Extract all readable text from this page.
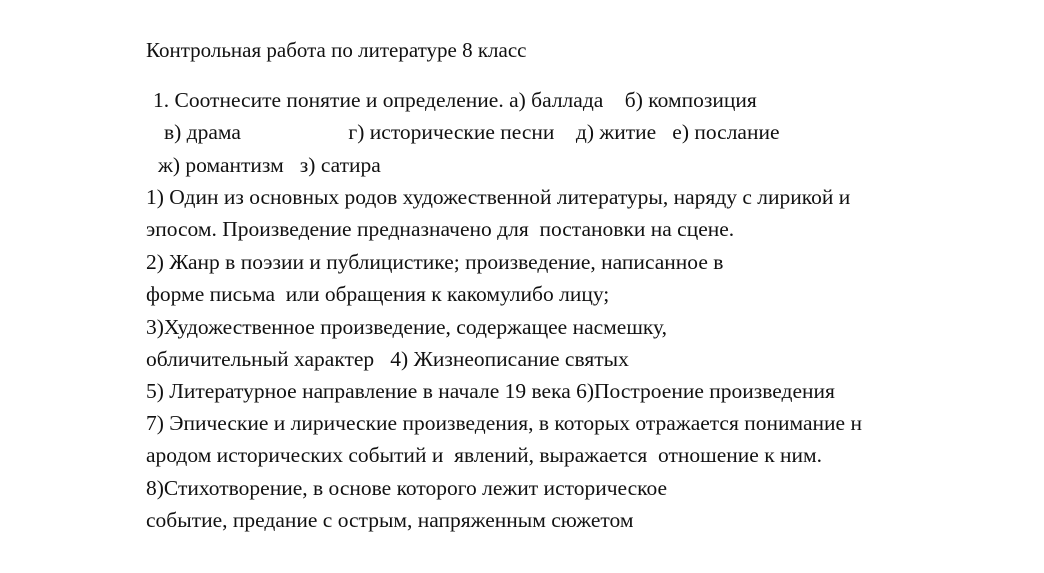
Контрольная работа по литературе 8 класс
1. Соотнесите понятие и определение. а) баллада    б) композиция
в) драма                    г) исторические песни    д) житие   е) послание
ж) романтизм   з) сатира
1) Один из основных родов художественной литературы, наряду с лирикой и
эпосом. Произведение предназначено для  постановки на сцене.
2) Жанр в поэзии и публицистике; произведение, написанное в
форме письма  или обращения к какомулибо лицу;
3)Художественное произведение, содержащее насмешку,
обличительный характер   4) Жизнеописание святых
5) Литературное направление в начале 19 века 6)Построение произведения
7) Эпические и лирические произведения, в которых отражается понимание н
ародом исторических событий и  явлений, выражается  отношение к ним.
8)Стихотворение, в основе которого лежит историческое
событие, предание с острым, напряженным сюжетом
